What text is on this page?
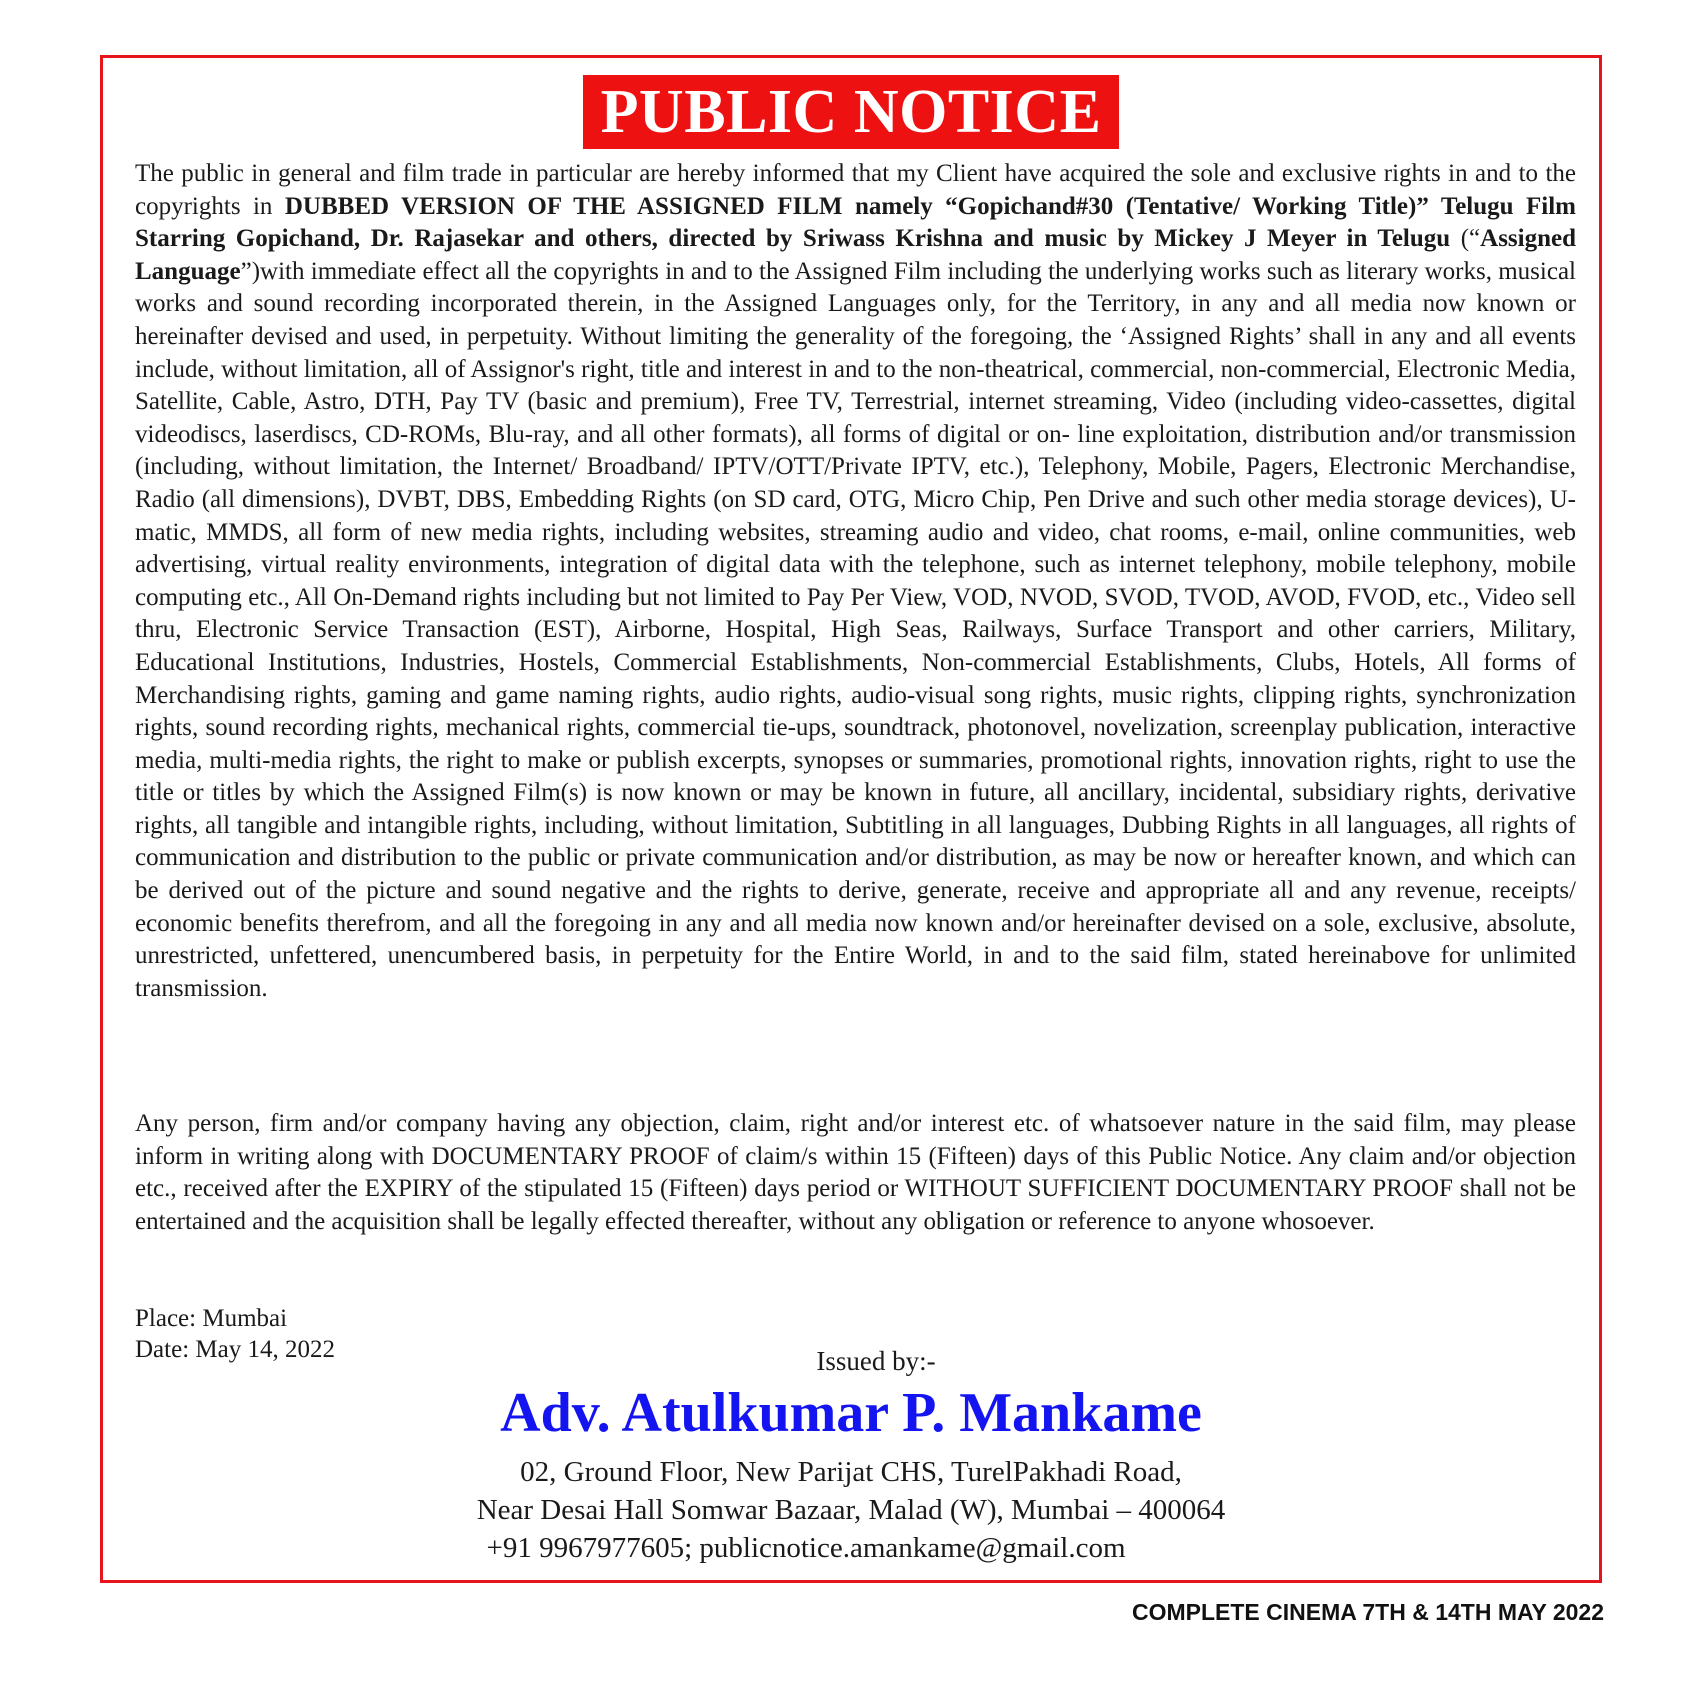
PUBLIC NOTICE

The public in general and film trade in particular are hereby informed that my Client have acquired the sole and exclusive rights in and to the copyrights in DUBBED VERSION OF THE ASSIGNED FILM namely “Gopichand#30 (Tentative/ Working Title)” Telugu Film Starring Gopichand, Dr. Rajasekar and others, directed by Sriwass Krishna and music by Mickey J Meyer in Telugu (“Assigned Language”)with immediate effect all the copyrights in and to the Assigned Film including the underlying works such as literary works, musical works and sound recording incorporated therein, in the Assigned Languages only, for the Territory, in any and all media now known or hereinafter devised and used, in perpetuity. Without limiting the generality of the foregoing, the ‘Assigned Rights’ shall in any and all events include, without limitation, all of Assignor's right, title and interest in and to the non-theatrical, commercial, non-commercial, Electronic Media, Satellite, Cable, Astro, DTH, Pay TV (basic and premium), Free TV, Terrestrial, internet streaming, Video (including video-cassettes, digital videodiscs, laserdiscs, CD-ROMs, Blu-ray, and all other formats), all forms of digital or on- line exploitation, distribution and/or transmission (including, without limitation, the Internet/ Broadband/ IPTV/OTT/Private IPTV, etc.), Telephony, Mobile, Pagers, Electronic Merchandise, Radio (all dimensions), DVBT, DBS, Embedding Rights (on SD card, OTG, Micro Chip, Pen Drive and such other media storage devices), U-matic, MMDS, all form of new media rights, including websites, streaming audio and video, chat rooms, e-mail, online communities, web advertising, virtual reality environments, integration of digital data with the telephone, such as internet telephony, mobile telephony, mobile computing etc., All On-Demand rights including but not limited to Pay Per View, VOD, NVOD, SVOD, TVOD, AVOD, FVOD, etc., Video sell thru, Electronic Service Transaction (EST), Airborne, Hospital, High Seas, Railways, Surface Transport and other carriers, Military, Educational Institutions, Industries, Hostels, Commercial Establishments, Non-commercial Establishments, Clubs, Hotels, All forms of Merchandising rights, gaming and game naming rights, audio rights, audio-visual song rights, music rights, clipping rights, synchronization rights, sound recording rights, mechanical rights, commercial tie-ups, soundtrack, photonovel, novelization, screenplay publication, interactive media, multi-media rights, the right to make or publish excerpts, synopses or summaries, promotional rights, innovation rights, right to use the title or titles by which the Assigned Film(s) is now known or may be known in future, all ancillary, incidental, subsidiary rights, derivative rights, all tangible and intangible rights, including, without limitation, Subtitling in all languages, Dubbing Rights in all languages, all rights of communication and distribution to the public or private communication and/or distribution, as may be now or hereafter known, and which can be derived out of the picture and sound negative and the rights to derive, generate, receive and appropriate all and any revenue, receipts/ economic benefits therefrom, and all the foregoing in any and all media now known and/or hereinafter devised on a sole, exclusive, absolute, unrestricted, unfettered, unencumbered basis, in perpetuity for the Entire World, in and to the said film, stated hereinabove for unlimited transmission.

Any person, firm and/or company having any objection, claim, right and/or interest etc. of whatsoever nature in the said film, may please inform in writing along with DOCUMENTARY PROOF of claim/s within 15 (Fifteen) days of this Public Notice. Any claim and/or objection etc., received after the EXPIRY of the stipulated 15 (Fifteen) days period or WITHOUT SUFFICIENT DOCUMENTARY PROOF shall not be entertained and the acquisition shall be legally effected thereafter, without any obligation or reference to anyone whosoever.

Place: Mumbai
Date: May 14, 2022	Issued by:-
Adv. Atulkumar P. Mankame
02, Ground Floor, New Parijat CHS, TurelPakhadi Road,
Near Desai Hall Somwar Bazaar, Malad (W), Mumbai – 400064
+91 9967977605; publicnotice.amankame@gmail.com
COMPLETE CINEMA 7TH & 14TH MAY 2022
